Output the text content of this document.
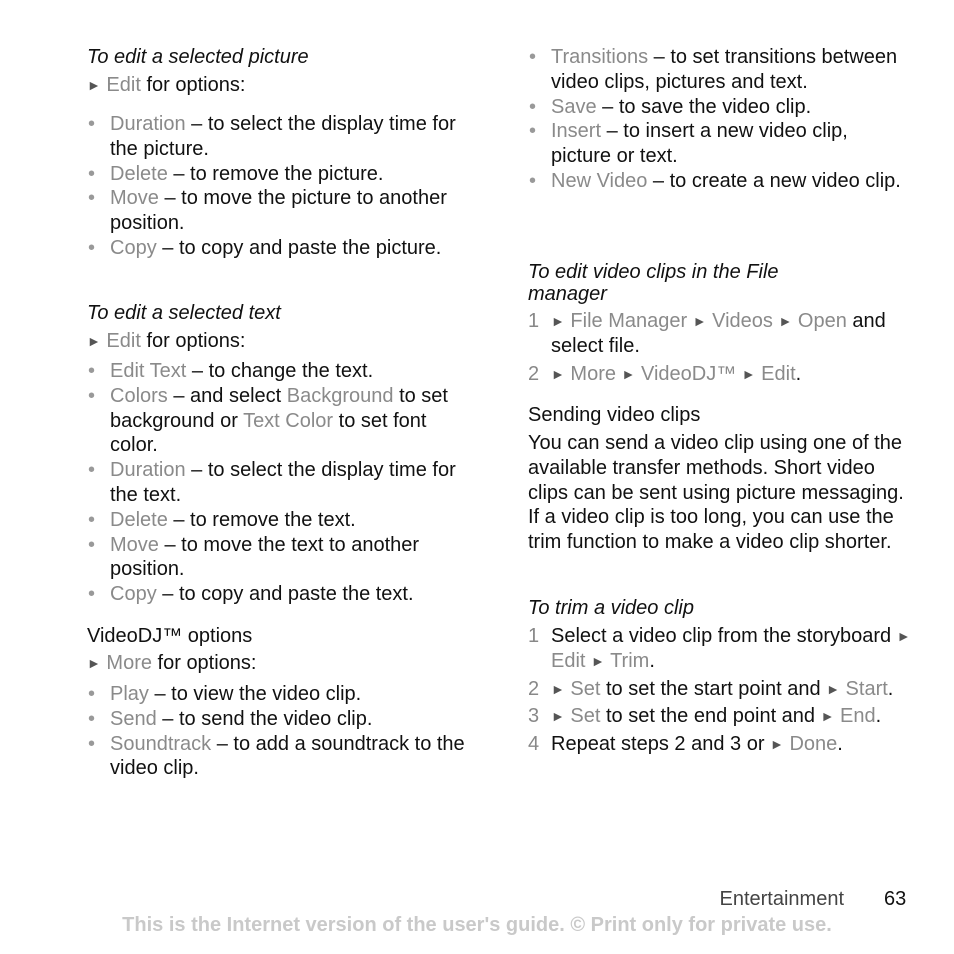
To edit a selected picture
► Edit for options:
• Duration – to select the display time for the picture.
• Delete – to remove the picture.
• Move – to move the picture to another position.
• Copy – to copy and paste the picture.
To edit a selected text
► Edit for options:
• Edit Text – to change the text.
• Colors – and select Background to set background or Text Color to set font color.
• Duration – to select the display time for the text.
• Delete – to remove the text.
• Move – to move the text to another position.
• Copy – to copy and paste the text.
VideoDJ™ options
► More for options:
• Play – to view the video clip.
• Send – to send the video clip.
• Soundtrack – to add a soundtrack to the video clip.
• Transitions – to set transitions between video clips, pictures and text.
• Save – to save the video clip.
• Insert – to insert a new video clip, picture or text.
• New Video – to create a new video clip.
To edit video clips in the File manager
1 ► File Manager ► Videos ► Open and select file.
2 ► More ► VideoDJ™ ► Edit.
Sending video clips
You can send a video clip using one of the available transfer methods. Short video clips can be sent using picture messaging. If a video clip is too long, you can use the trim function to make a video clip shorter.
To trim a video clip
1 Select a video clip from the storyboard ► Edit ► Trim.
2 ► Set to set the start point and ► Start.
3 ► Set to set the end point and ► End.
4 Repeat steps 2 and 3 or ► Done.
Entertainment 63
This is the Internet version of the user's guide. © Print only for private use.
